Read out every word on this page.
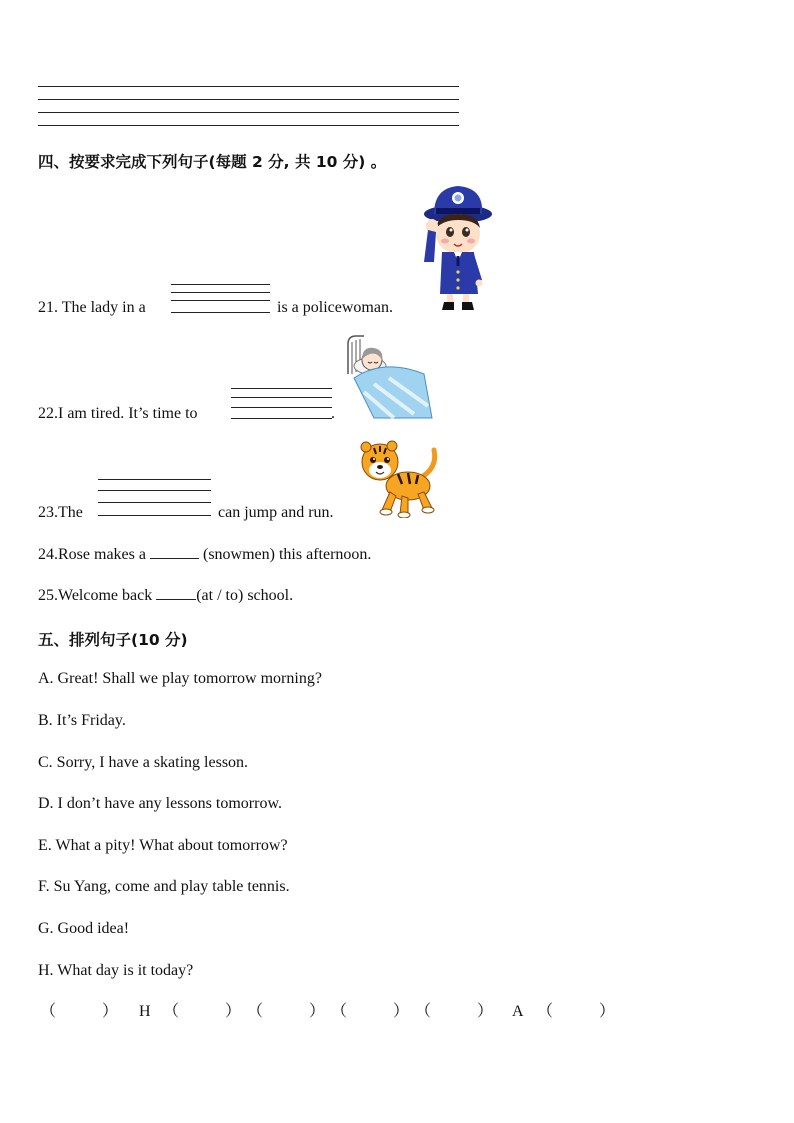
四、按要求完成下列句子(每题 2 分, 共 10 分) 。
21. The lady in a	is a policewoman.
22.I am tired. It’s time to	.
23.The	can jump and run.
24.Rose makes a	(snowmen) this afternoon.
25.Welcome back	(at / to) school.
五、排列句子(10 分)
A. Great! Shall we play tomorrow morning?
B. It’s Friday.
C. Sorry, I have a skating lesson.
D. I don’t have any lessons tomorrow.
E. What a pity! What about tomorrow?
F. Su Yang, come and play table tennis.
G. Good idea!
H. What day is it today?
（	） H （	） （	） （	） （	） A （	）
